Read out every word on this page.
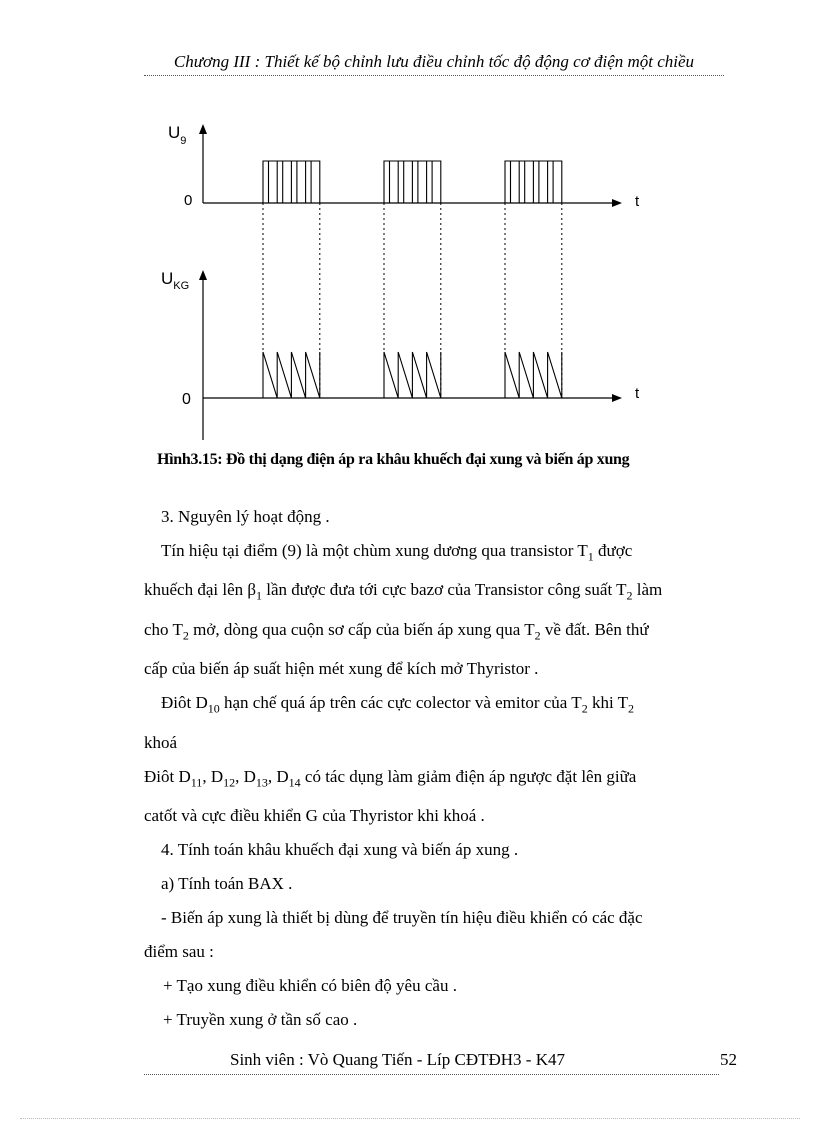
Chương III : Thiết kế bộ chỉnh lưu điều chỉnh tốc độ động cơ điện một chiều
$U_9$
0	t
$U_{KG}$
0	t
Hình3.15: Đồ thị dạng điện áp ra khâu khuếch đại xung và biến áp xung
3. Nguyên lý hoạt động .
Tín hiệu tại điểm (9) là một chùm xung dương qua transistor $T_1$ được
khuếch đại lên $\beta_1$ lần được đưa tới cực bazơ của Transistor công suất $T_2$ làm
cho $T_2$ mở, dòng qua cuộn sơ cấp của biến áp xung qua $T_2$ về đất. Bên thứ
cấp của biến áp suất hiện mét xung để kích mở Thyristor .
Điôt $D_{10}$ hạn chế quá áp trên các cực colector và emitor của $T_2$ khi $T_2$
khoá
Điôt $D_{11}$, $D_{12}$, $D_{13}$, $D_{14}$ có tác dụng làm giảm điện áp ngược đặt lên giữa
catốt và cực điều khiển G của Thyristor khi khoá .
4. Tính toán khâu khuếch đại xung và biến áp xung .
a) Tính toán BAX .
- Biến áp xung là thiết bị dùng để truyền tín hiệu điều khiển có các đặc
điểm sau :
+ Tạo xung điều khiển có biên độ yêu cầu .
+ Truyền xung ở tần số cao .
Sinh viên : Vò Quang Tiến - Líp CĐTĐH3 - K47	52
